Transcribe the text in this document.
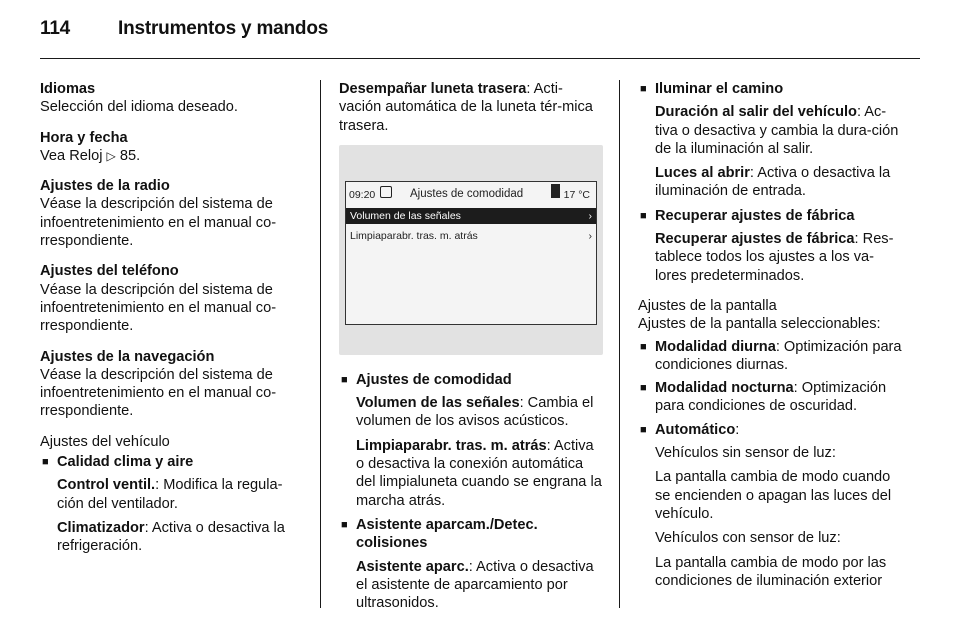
114	Instrumentos y mandos
Idiomas
Selección del idioma deseado.
Hora y fecha
Vea Reloj ▷ 85.
Ajustes de la radio
Véase la descripción del sistema de infoentretenimiento en el manual co-rrespondiente.
Ajustes del teléfono
Véase la descripción del sistema de infoentretenimiento en el manual co-rrespondiente.
Ajustes de la navegación
Véase la descripción del sistema de infoentretenimiento en el manual co-rrespondiente.
Ajustes del vehículo
■ Calidad clima y aire
Control ventil.: Modifica la regula-ción del ventilador.
Climatizador: Activa o desactiva la refrigeración.
Desempañar luneta trasera: Acti-vación automática de la luneta tér-mica trasera.
09:20	Ajustes de comodidad	17 °C
Volumen de las señales	›
Limpiaparabr. tras. m. atrás	›
■ Ajustes de comodidad
Volumen de las señales: Cambia el volumen de los avisos acústicos.
Limpiaparabr. tras. m. atrás: Activa o desactiva la conexión automática del limpialuneta cuando se engrana la marcha atrás.
■ Asistente aparcam./Detec. colisiones
Asistente aparc.: Activa o desactiva el asistente de aparcamiento por ultrasonidos.
■ Iluminar el camino
Duración al salir del vehículo: Ac-tiva o desactiva y cambia la dura-ción de la iluminación al salir.
Luces al abrir: Activa o desactiva la iluminación de entrada.
■ Recuperar ajustes de fábrica
Recuperar ajustes de fábrica: Res-tablece todos los ajustes a los va-lores predeterminados.
Ajustes de la pantalla
Ajustes de la pantalla seleccionables:
■ Modalidad diurna: Optimización para condiciones diurnas.
■ Modalidad nocturna: Optimización para condiciones de oscuridad.
■ Automático:
Vehículos sin sensor de luz:
La pantalla cambia de modo cuando se encienden o apagan las luces del vehículo.
Vehículos con sensor de luz:
La pantalla cambia de modo por las condiciones de iluminación exterior
